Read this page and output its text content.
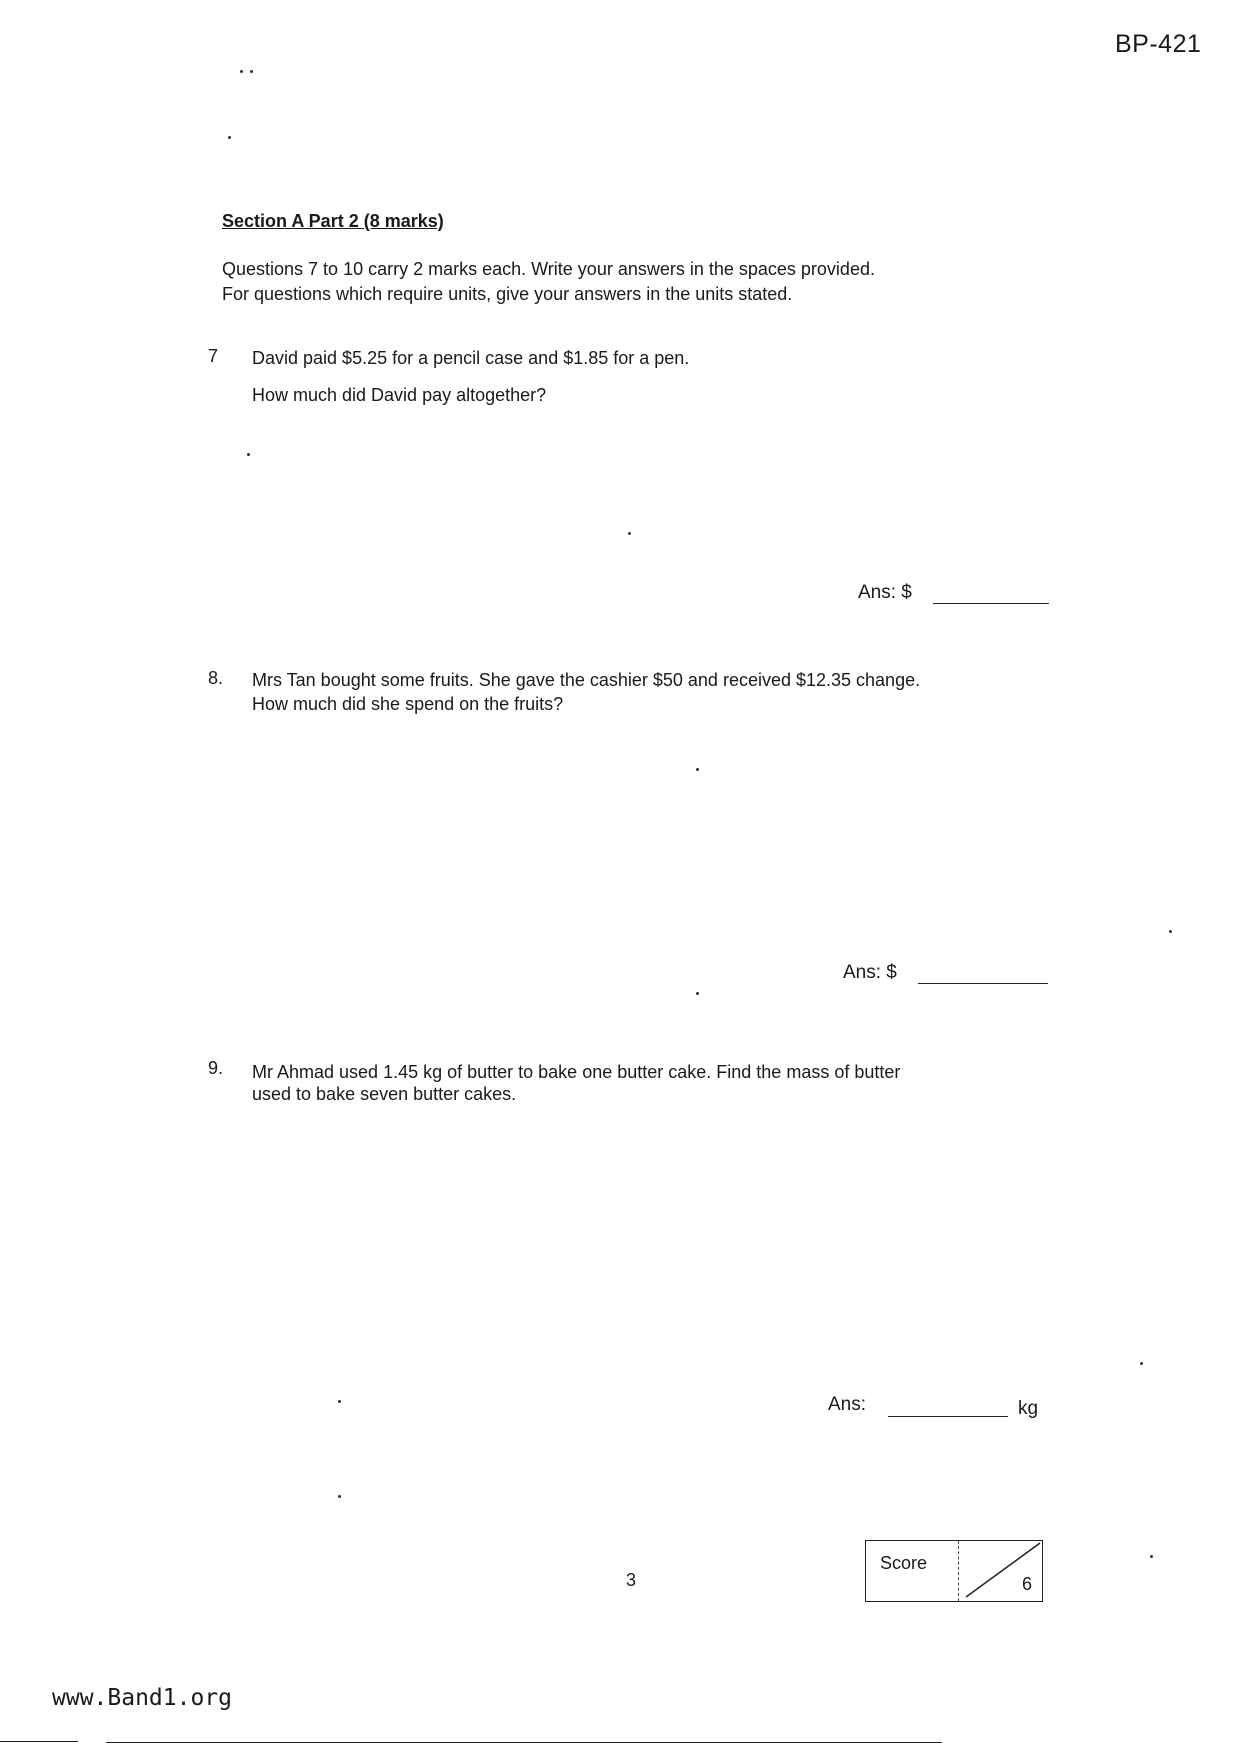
BP-421
Section A Part 2 (8 marks)
Questions 7 to 10 carry 2 marks each. Write your answers in the spaces provided.
For questions which require units, give your answers in the units stated.
7 David paid $5.25 for a pencil case and $1.85 for a pen.
How much did David pay altogether?
Ans: $
8. Mrs Tan bought some fruits. She gave the cashier $50 and received $12.35 change.
How much did she spend on the fruits?
Ans: $
9. Mr Ahmad used 1.45 kg of butter to bake one butter cake. Find the mass of butter
used to bake seven butter cakes.
Ans:	kg
Score
6
3
www.Band1.org
